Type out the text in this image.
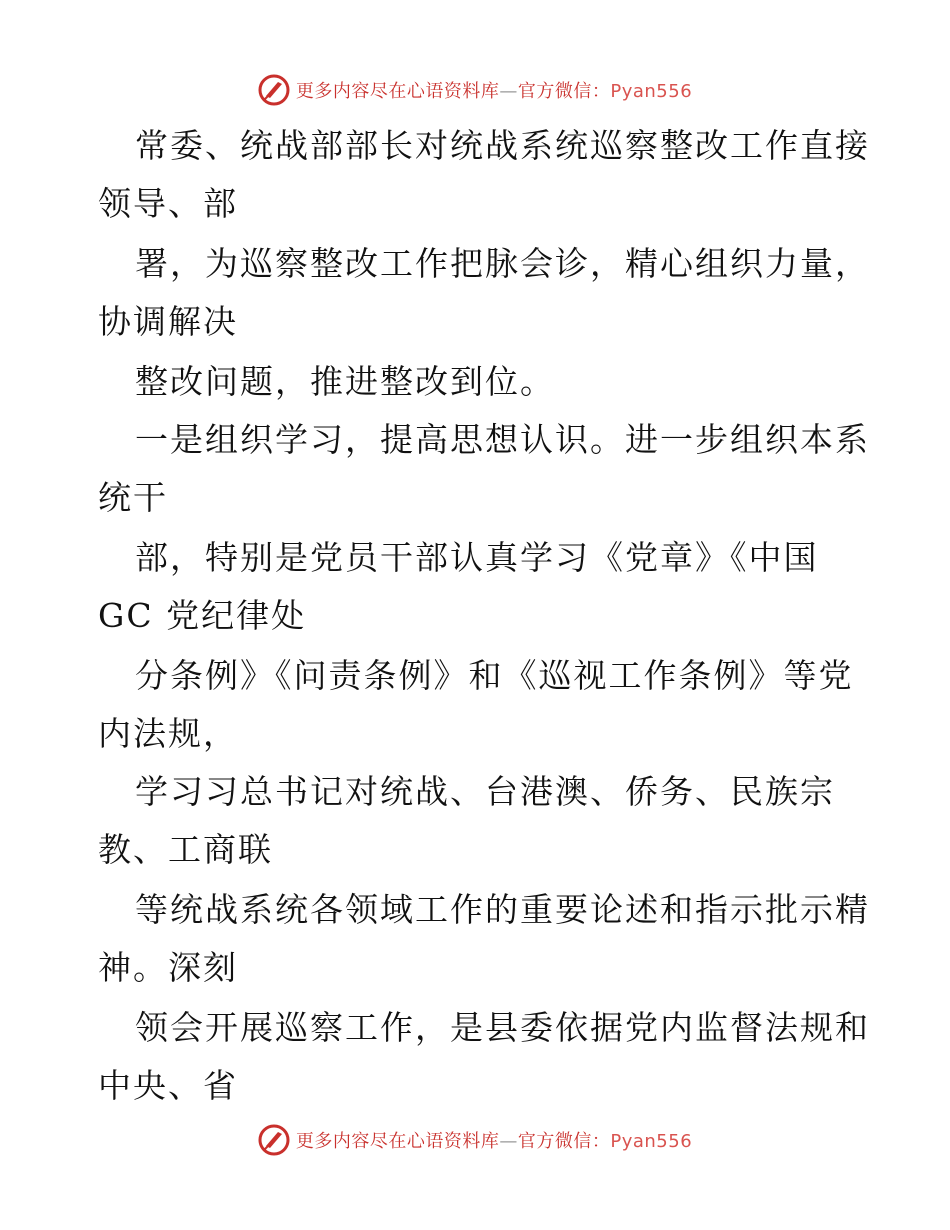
更多内容尽在心语资料库—官方微信：Pyan556
常委、统战部部长对统战系统巡察整改工作直接
领导、部
署，为巡察整改工作把脉会诊，精心组织力量，
协调解决
整改问题，推进整改到位。
一是组织学习，提高思想认识。进一步组织本系
统干
部，特别是党员干部认真学习《党章》《中国
GC 党纪律处
分条例》《问责条例》和《巡视工作条例》等党
内法规，
学习习总书记对统战、台港澳、侨务、民族宗
教、工商联
等统战系统各领域工作的重要论述和指示批示精
神。深刻
领会开展巡察工作，是县委依据党内监督法规和
中央、省
更多内容尽在心语资料库—官方微信：Pyan556
